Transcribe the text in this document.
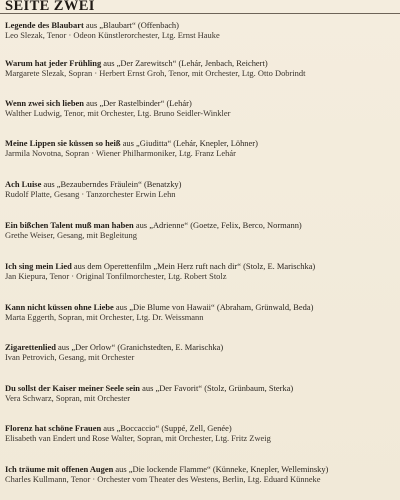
SEITE ZWEI
Legende des Blaubart aus „Blaubart“ (Offenbach)
Leo Slezak, Tenor · Odeon Künstlerorchester, Ltg. Ernst Hauke
Warum hat jeder Frühling aus „Der Zarewitsch“ (Lehár, Jenbach, Reichert)
Margarete Slezak, Sopran · Herbert Ernst Groh, Tenor, mit Orchester, Ltg. Otto Dobrindt
Wenn zwei sich lieben aus „Der Rastelbinder“ (Lehár)
Walther Ludwig, Tenor, mit Orchester, Ltg. Bruno Seidler-Winkler
Meine Lippen sie küssen so heiß aus „Giuditta“ (Lehár, Knepler, Löhner)
Jarmila Novotna, Sopran · Wiener Philharmoniker, Ltg. Franz Lehár
Ach Luise aus „Bezauberndes Fräulein“ (Benatzky)
Rudolf Platte, Gesang · Tanzorchester Erwin Lehn
Ein bißchen Talent muß man haben aus „Adrienne“ (Goetze, Felix, Berco, Normann)
Grethe Weiser, Gesang, mit Begleitung
Ich sing mein Lied aus dem Operettenfilm „Mein Herz ruft nach dir“ (Stolz, E. Marischka)
Jan Kiepura, Tenor · Original Tonfilmorchester, Ltg. Robert Stolz
Kann nicht küssen ohne Liebe aus „Die Blume von Hawaii“ (Abraham, Grünwald, Beda)
Marta Eggerth, Sopran, mit Orchester, Ltg. Dr. Weissmann
Zigarettenlied aus „Der Orlow“ (Granichstedten, E. Marischka)
Ivan Petrovich, Gesang, mit Orchester
Du sollst der Kaiser meiner Seele sein aus „Der Favorit“ (Stolz, Grünbaum, Sterka)
Vera Schwarz, Sopran, mit Orchester
Florenz hat schöne Frauen aus „Boccaccio“ (Suppé, Zell, Genée)
Elisabeth van Endert und Rose Walter, Sopran, mit Orchester, Ltg. Fritz Zweig
Ich träume mit offenen Augen aus „Die lockende Flamme“ (Künneke, Knepler, Welleminsky)
Charles Kullmann, Tenor · Orchester vom Theater des Westens, Berlin, Ltg. Eduard Künneke
